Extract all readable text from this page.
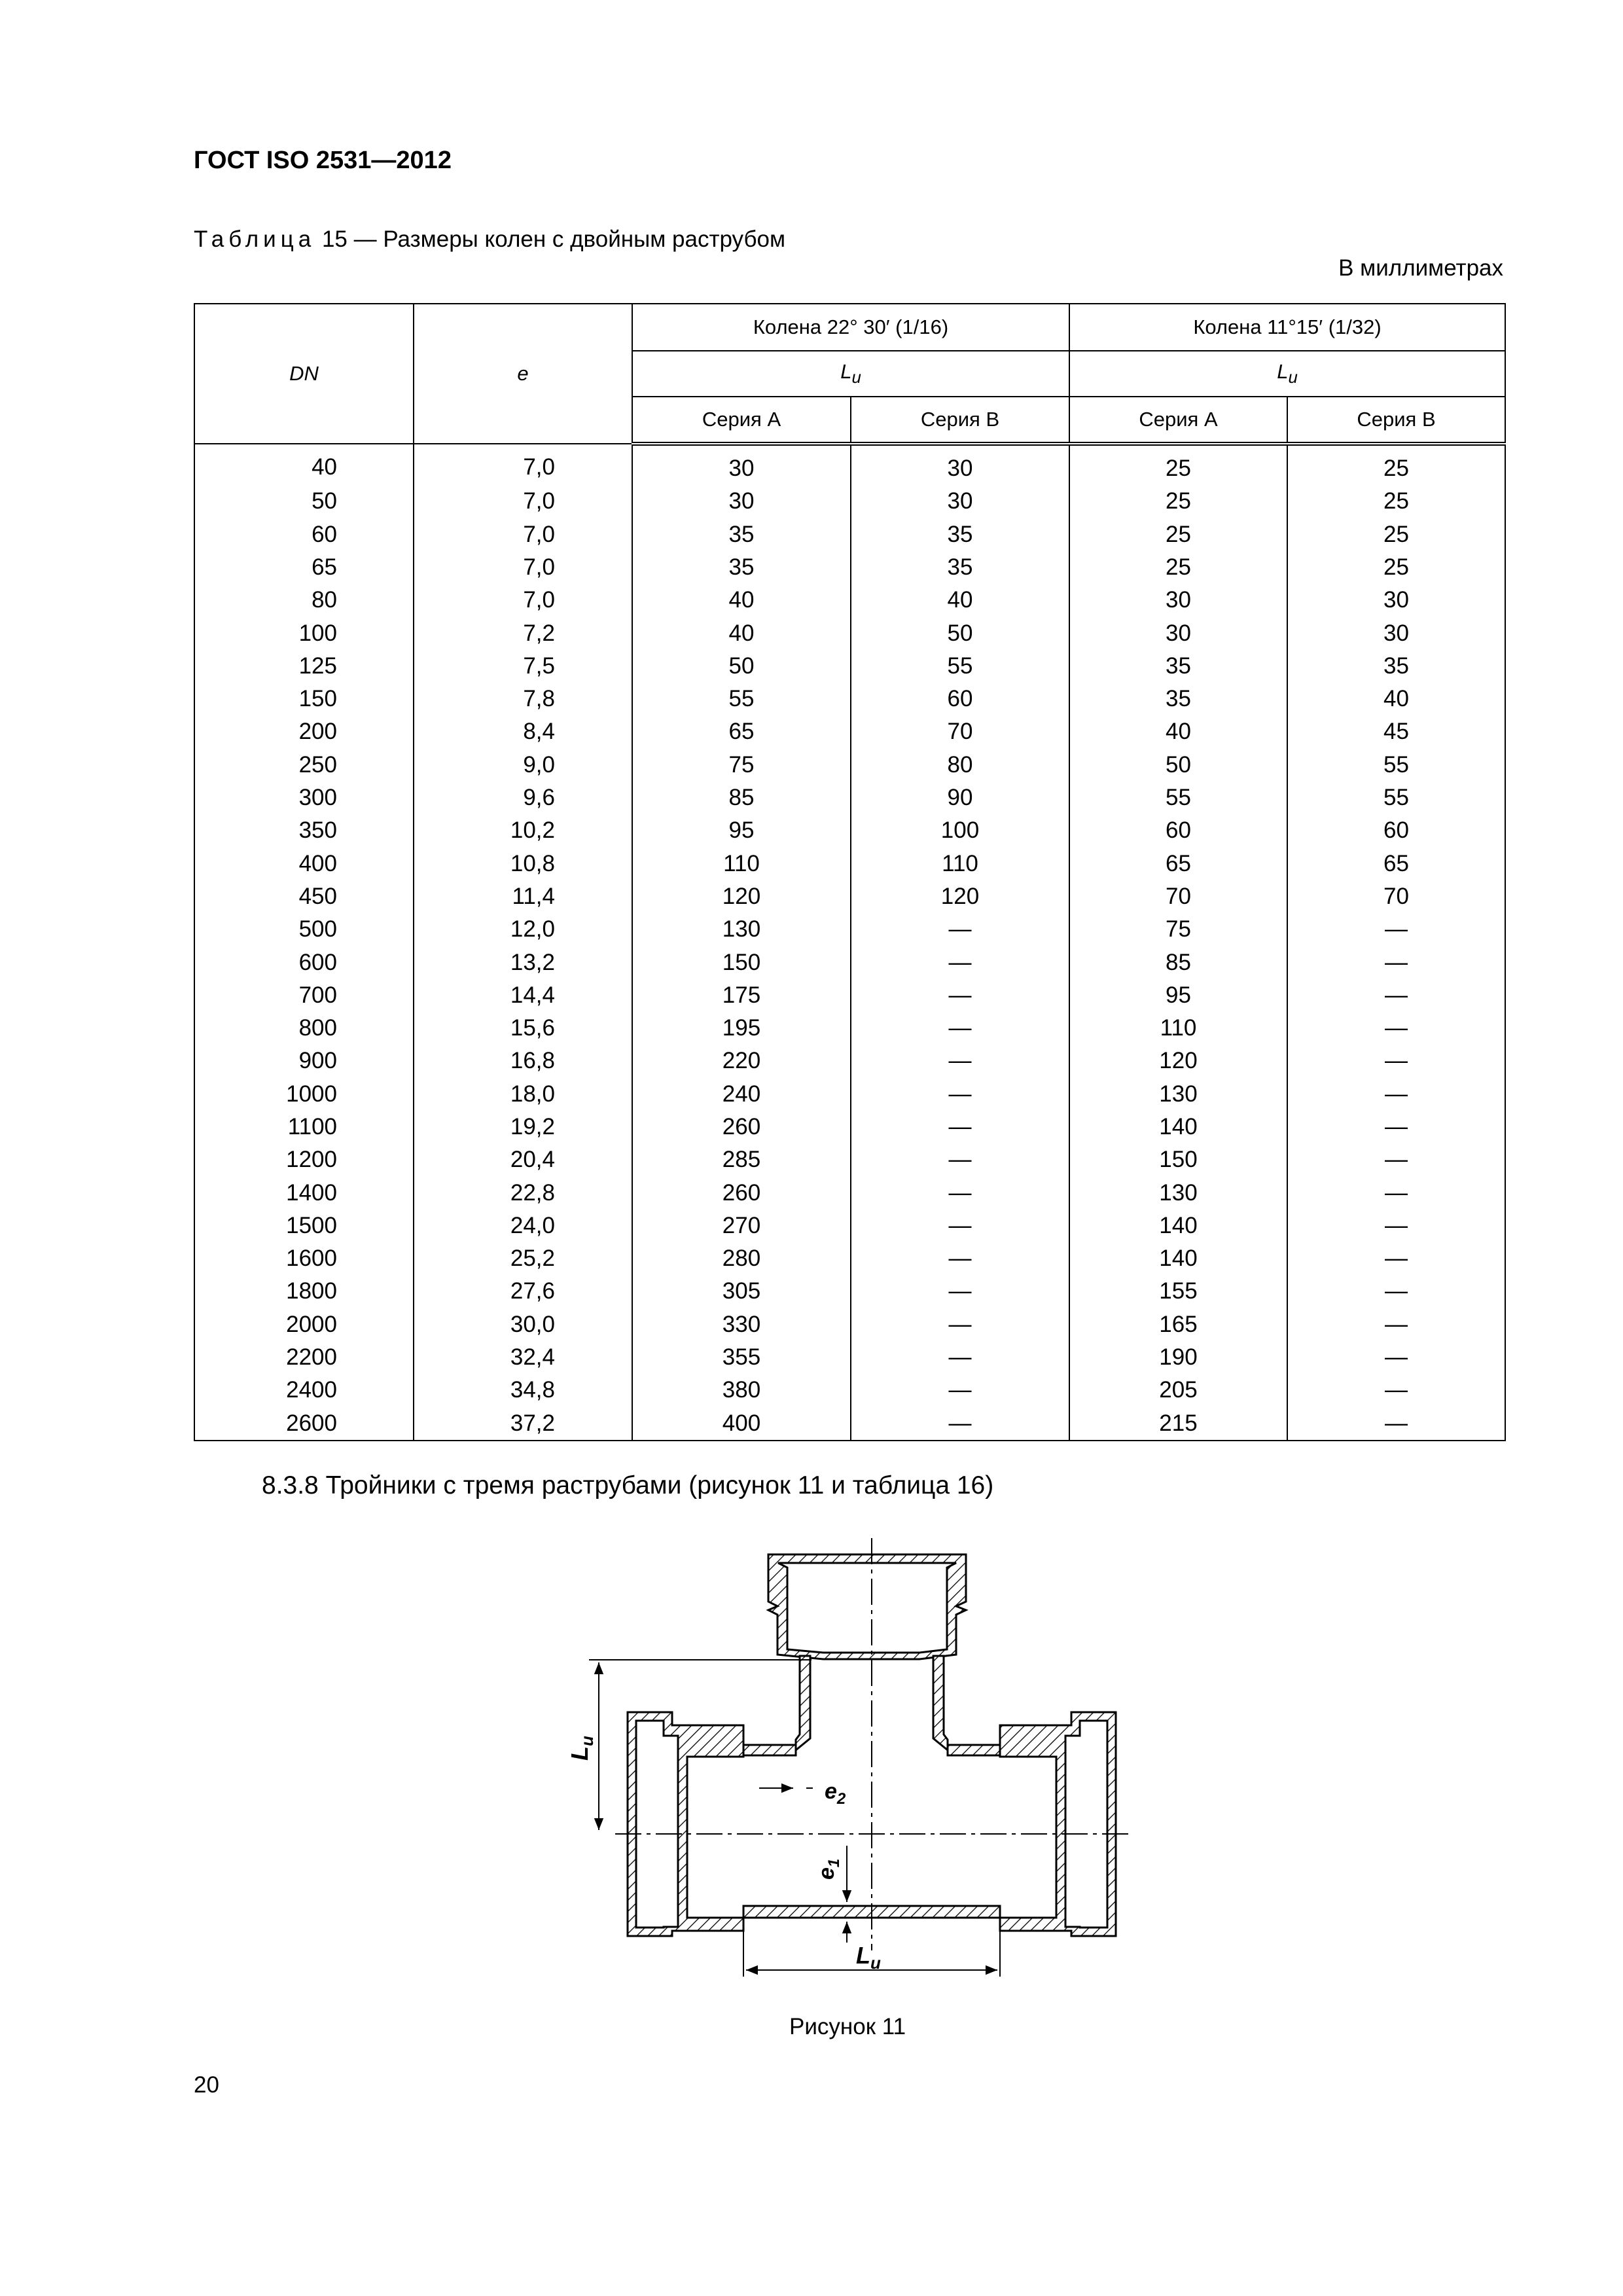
ГОСТ ISO 2531—2012
Таблица 15 — Размеры колен с двойным раструбом
В миллиметрах
DN	e	Колена 22° 30′ (1/16)		Колена 11°15′ (1/32)	
		$L_u$		$L_u$
		Серия А	Серия В	Серия А	Серия В
40	7,0	30	30	25	25
50	7,0	30	30	25	25
60	7,0	35	35	25	25
65	7,0	35	35	25	25
80	7,0	40	40	30	30
100	7,2	40	50	30	30
125	7,5	50	55	35	35
150	7,8	55	60	35	40
200	8,4	65	70	40	45
250	9,0	75	80	50	55
300	9,6	85	90	55	55
350	10,2	95	100	60	60
400	10,8	110	110	65	65
450	11,4	120	120	70	70
500	12,0	130	—	75	—
600	13,2	150	—	85	—
700	14,4	175	—	95	—
800	15,6	195	—	110	—
900	16,8	220	—	120	—
1000	18,0	240	—	130	—
1100	19,2	260	—	140	—
1200	20,4	285	—	150	—
1400	22,8	260	—	130	—
1500	24,0	270	—	140	—
1600	25,2	280	—	140	—
1800	27,6	305	—	155	—
2000	30,0	330	—	165	—
2200	32,4	355	—	190	—
2400	34,8	380	—	205	—
2600	37,2	400	—	215	—
8.3.8 Тройники с тремя раструбами (рисунок 11 и таблица 16)
$L_u$
$L_u$
$e_2$
$e_1$
Рисунок 11
20
